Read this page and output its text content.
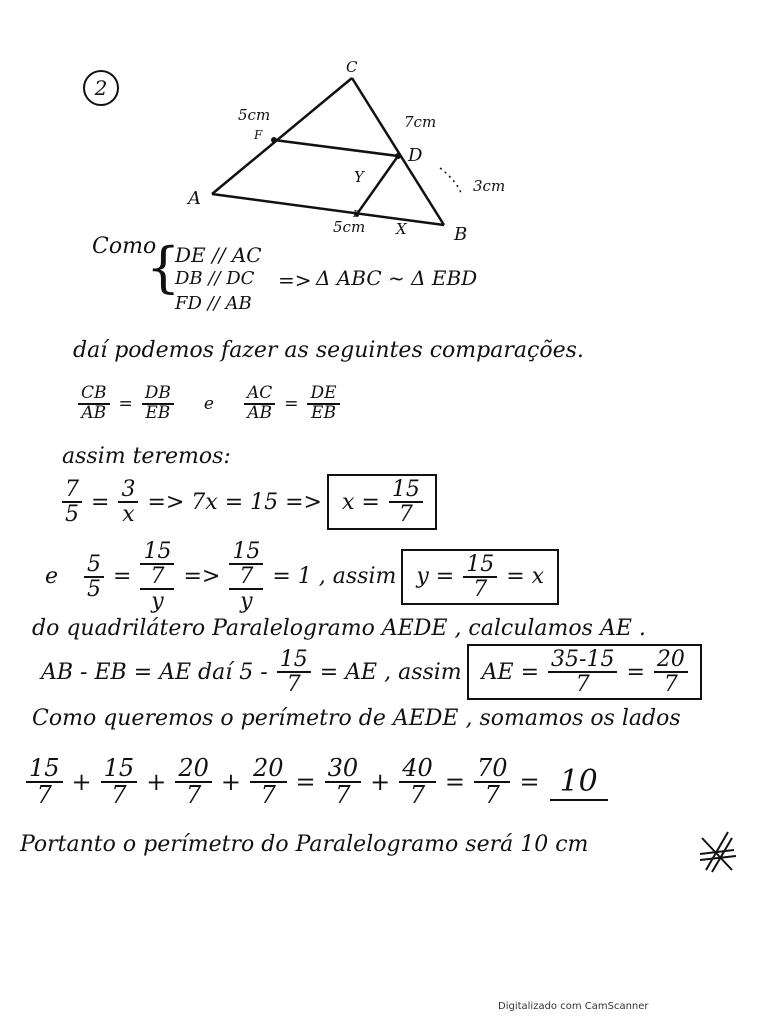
2
C
F
D
A
B
E
5cm	7cm
3cm
5cm X
Y
Como
{
DE // AC
DB // DC
FD // AB
=> Δ ABC ~ Δ EBD
daí podemos fazer as seguintes comparações.
$\frac{CB}{AB} = \frac{DB}{EB}$ e $\frac{AC}{AB} = \frac{DE}{EB}$
assim teremos:
$\frac{7}{5} = \frac{3}{x} => 7x = 15 => x = \frac{15}{7}$
e $\frac{5}{5}$ =
15
7
y
=>
15
7
y
= 1 , assim $y = \frac{15}{7} = x$
do quadrilátero Paralelogramo AEDE , calculamos AE .
AB - EB = AE daí $5 - \frac{15}{7}$ = AE , assim AE = $\frac{35-15}{7} = \frac{20}{7}$
Como queremos o perímetro de AEDE , somamos os lados
$\frac{15}{7} + \frac{15}{7} + \frac{20}{7} + \frac{20}{7} = \frac{30}{7} + \frac{40}{7} = \frac{70}{7} = 10$
Portanto o perímetro do Paralelogramo será 10 cm
Digitalizado com CamScanner
